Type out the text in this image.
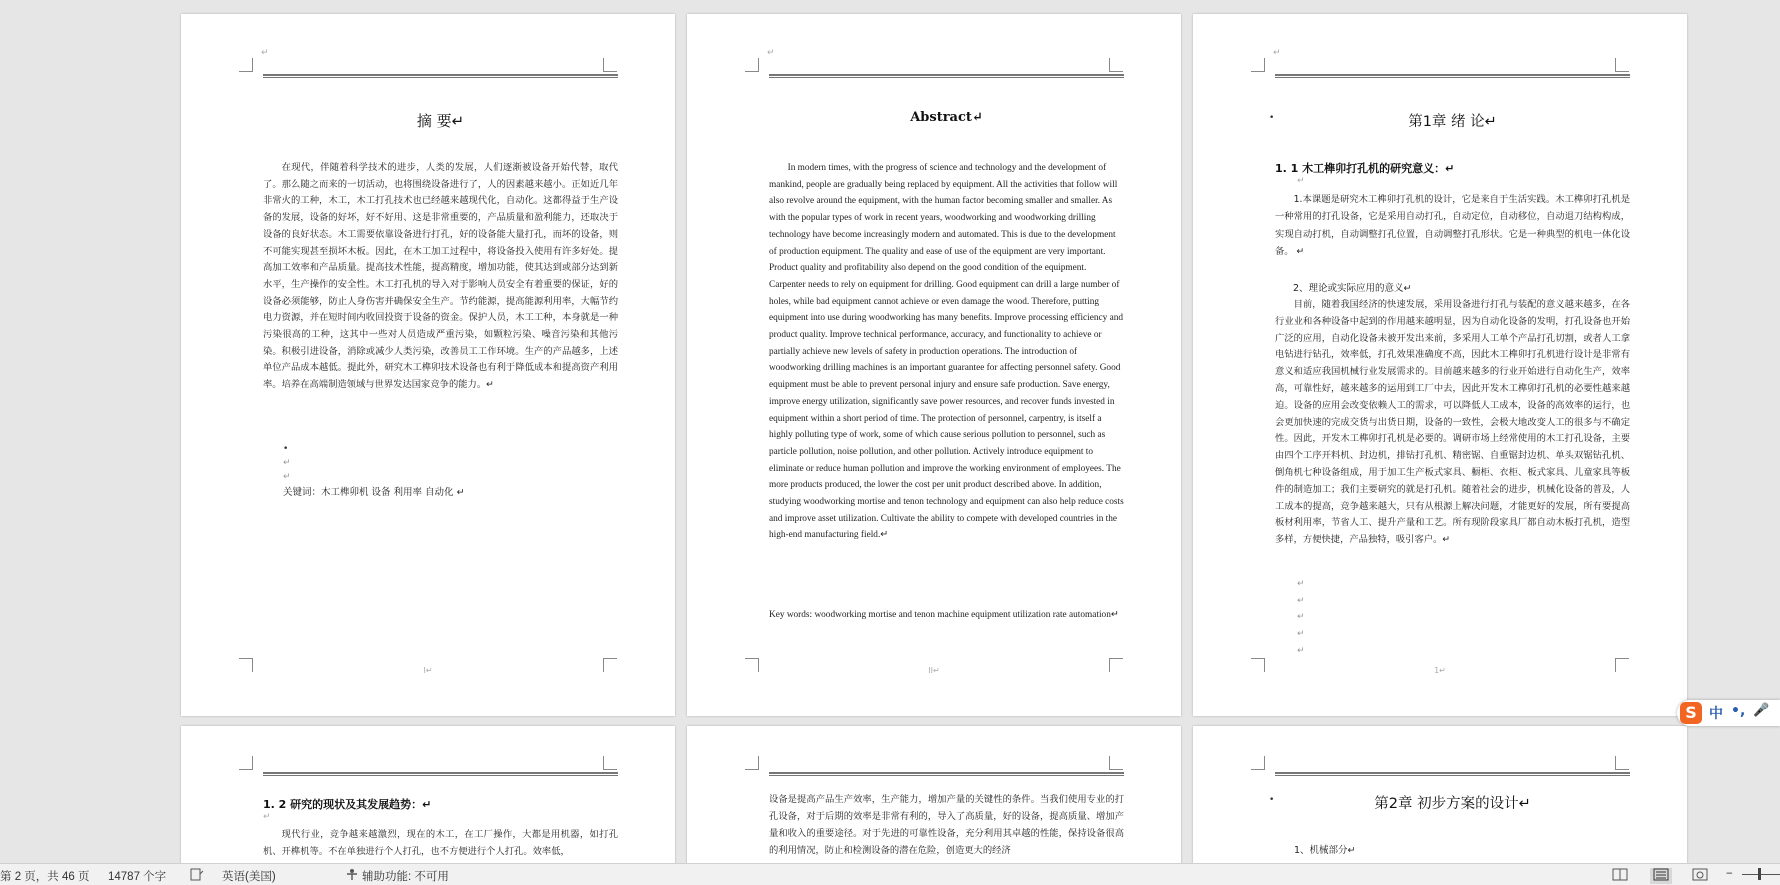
↵
摘 要↵
在现代，伴随着科学技术的进步，人类的发展，人们逐渐被设备开始代替，取代了。那么随之而来的一切活动，也将围绕设备进行了，人的因素越来越小。正如近几年非常火的工种，木工，木工打孔技术也已经越来越现代化，自动化。这都得益于生产设备的发展，设备的好坏，好不好用、这是非常重要的，产品质量和盈利能力，还取决于设备的良好状态。木工需要依靠设备进行打孔，好的设备能大量打孔，而坏的设备，则不可能实现甚至损坏木板。因此，在木工加工过程中，将设备投入使用有许多好处。提高加工效率和产品质量。提高技术性能，提高精度，增加功能，使其达到或部分达到新水平，生产操作的安全性。木工打孔机的导入对于影响人员安全有着重要的保证，好的设备必须能够，防止人身伤害并确保安全生产。节约能源，提高能源利用率，大幅节约电力资源，并在短时间内收回投资于设备的资金。保护人员，木工工种，本身就是一种污染很高的工种，这其中一些对人员造成严重污染，如颗粒污染、噪音污染和其他污染。积极引进设备，消除或减少人类污染，改善员工工作环境。生产的产品越多，上述单位产品成本越低。提此外，研究木工榫卯技术设备也有利于降低成本和提高资产利用率。培养在高端制造领域与世界发达国家竞争的能力。↵
•
↵
↵
关键词：木工榫卯机 设备 利用率 自动化 ↵
I↵
↵
Abstract↵
In modern times, with the progress of science and technology and the development of mankind, people are gradually being replaced by equipment. All the activities that follow will also revolve around the equipment, with the human factor becoming smaller and smaller. As with the popular types of work in recent years, woodworking and woodworking drilling technology have become increasingly modern and automated. This is due to the development of production equipment. The quality and ease of use of the equipment are very important. Product quality and profitability also depend on the good condition of the equipment. Carpenter needs to rely on equipment for drilling. Good equipment can drill a large number of holes, while bad equipment cannot achieve or even damage the wood. Therefore, putting equipment into use during woodworking has many benefits. Improve processing efficiency and product quality. Improve technical performance, accuracy, and functionality to achieve or partially achieve new levels of safety in production operations. The introduction of woodworking drilling machines is an important guarantee for affecting personnel safety. Good equipment must be able to prevent personal injury and ensure safe production. Save energy, improve energy utilization, significantly save power resources, and recover funds invested in equipment within a short period of time. The protection of personnel, carpentry, is itself a highly polluting type of work, some of which cause serious pollution to personnel, such as particle pollution, noise pollution, and other pollution. Actively introduce equipment to eliminate or reduce human pollution and improve the working environment of employees. The more products produced, the lower the cost per unit product described above. In addition, studying woodworking mortise and tenon technology and equipment can also help reduce costs and improve asset utilization. Cultivate the ability to compete with developed countries in the high-end manufacturing field.↵
Key words: woodworking mortise and tenon machine equipment utilization rate automation↵
II↵
↵
•	第1章 绪 论↵
1. 1 木工榫卯打孔机的研究意义：↵
↵
1.本课题是研究木工榫卯打孔机的设计，它是来自于生活实践。木工榫卯打孔机是一种常用的打孔设备，它是采用自动打孔，自动定位，自动移位，自动退刀结构构成，实现自动打机，自动调整打孔位置，自动调整打孔形状。它是一种典型的机电一体化设备。 ↵
2、理论或实际应用的意义↵
目前，随着我国经济的快速发展，采用设备进行打孔与装配的意义越来越多，在各行业业和各种设备中起到的作用越来越明显，因为自动化设备的发明，打孔设备也开始广泛的应用，自动化设备未被开发出来前，多采用人工单个产品打孔切割，或者人工拿电钻进行钻孔，效率低，打孔效果准确度不高，因此木工榫卯打孔机进行设计是非常有意义和适应我国机械行业发展需求的。目前越来越多的行业开始进行自动化生产，效率高，可靠性好，越来越多的运用到工厂中去，因此开发木工榫卯打孔机的必要性越来越迫。设备的应用会改变依赖人工的需求，可以降低人工成本，设备的高效率的运行，也会更加快速的完成交货与出货日期，设备的一致性，会极大地改变人工的很多与不确定性。因此，开发木工榫卯打孔机是必要的。调研市场上经常使用的木工打孔设备，主要由四个工序开料机、封边机，排钻打孔机、精密锯、自重锯封边机、单头双锯钻孔机、倒角机七种设备组成，用于加工生产板式家具、橱柜、衣柜、板式家具、儿童家具等板件的制造加工；我们主要研究的就是打孔机。随着社会的进步，机械化设备的普及，人工成本的提高，竞争越来越大，只有从根源上解决问题，才能更好的发展，所有要提高板材利用率，节省人工、提升产量和工艺。所有现阶段家具厂都自动木板打孔机，造型多样，方便快捷，产品独特，吸引客户。↵
↵
↵
↵
↵
↵
1↵
1. 2 研究的现状及其发展趋势：↵
↵
现代行业，竞争越来越激烈，现在的木工，在工厂操作，大都是用机器，如打孔机、开榫机等。不在单独进行个人打孔，也不方便进行个人打孔。效率低，
设备是提高产品生产效率，生产能力，增加产量的关键性的条件。当我们使用专业的打孔设备，对于后期的效率是非常有利的，导入了高质量，好的设备，提高质量、增加产量和收入的重要途径。对于先进的可靠性设备，充分利用其卓越的性能，保持设备很高的利用情况，防止和检测设备的潜在危险，创造更大的经济
•	第2章 初步方案的设计↵
1、机械部分↵
S 中 •, 🎤
第 2 页，共 46 页 14787 个字	英语(美国)	辅助功能: 不可用	−
